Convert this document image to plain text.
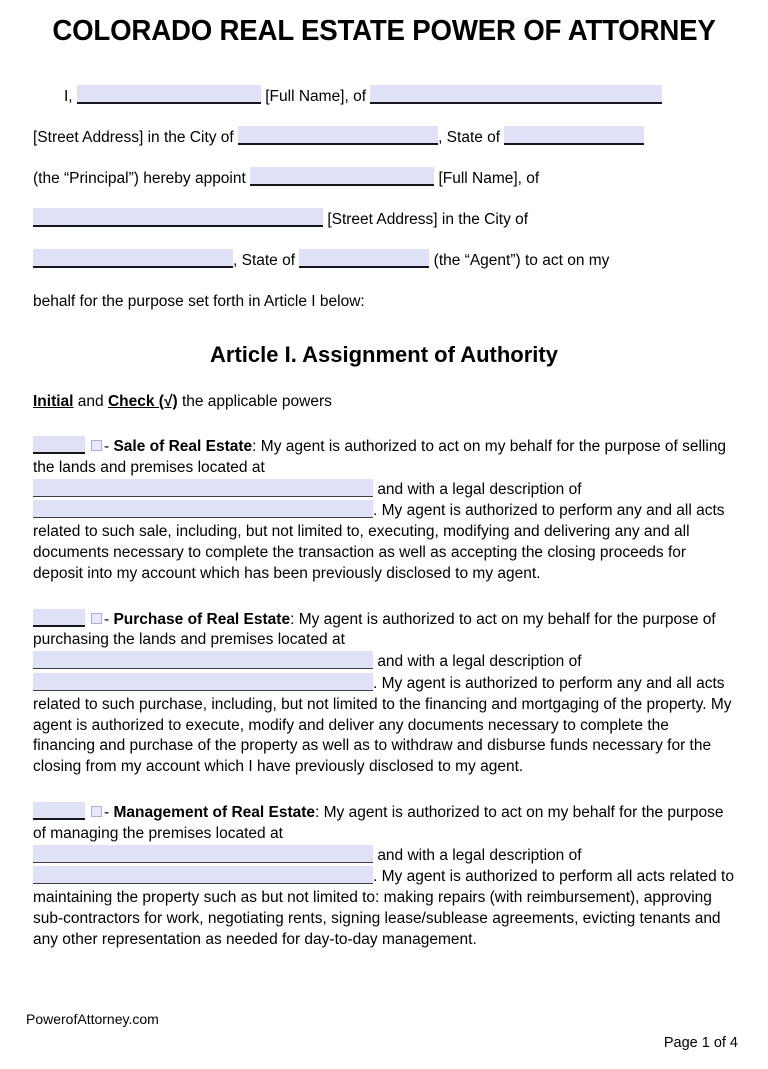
COLORADO REAL ESTATE POWER OF ATTORNEY
I,	[Full Name], of
[Street Address] in the City of	, State of
(the “Principal”) hereby appoint	[Full Name], of
[Street Address] in the City of
, State of	(the “Agent”) to act on my
behalf for the purpose set forth in Article I below:
Article I. Assignment of Authority
Initial and Check (√) the applicable powers

- Sale of Real Estate: My agent is authorized to act on my behalf for the purpose of selling the lands and premises located at
and with a legal description of
. My agent is authorized to perform any and all acts related to such sale, including, but not limited to, executing, modifying and delivering any and all documents necessary to complete the transaction as well as accepting the closing proceeds for deposit into my account which has been previously disclosed to my agent.

- Purchase of Real Estate: My agent is authorized to act on my behalf for the purpose of purchasing the lands and premises located at
and with a legal description of
. My agent is authorized to perform any and all acts related to such purchase, including, but not limited to the financing and mortgaging of the property. My agent is authorized to execute, modify and deliver any documents necessary to complete the financing and purchase of the property as well as to withdraw and disburse funds necessary for the closing from my account which I have previously disclosed to my agent.

- Management of Real Estate: My agent is authorized to act on my behalf for the purpose of managing the premises located at
and with a legal description of
. My agent is authorized to perform all acts related to maintaining the property such as but not limited to: making repairs (with reimbursement), approving sub-contractors for work, negotiating rents, signing lease/sublease agreements, evicting tenants and any other representation as needed for day-to-day management.

PowerofAttorney.com
Page 1 of 4
